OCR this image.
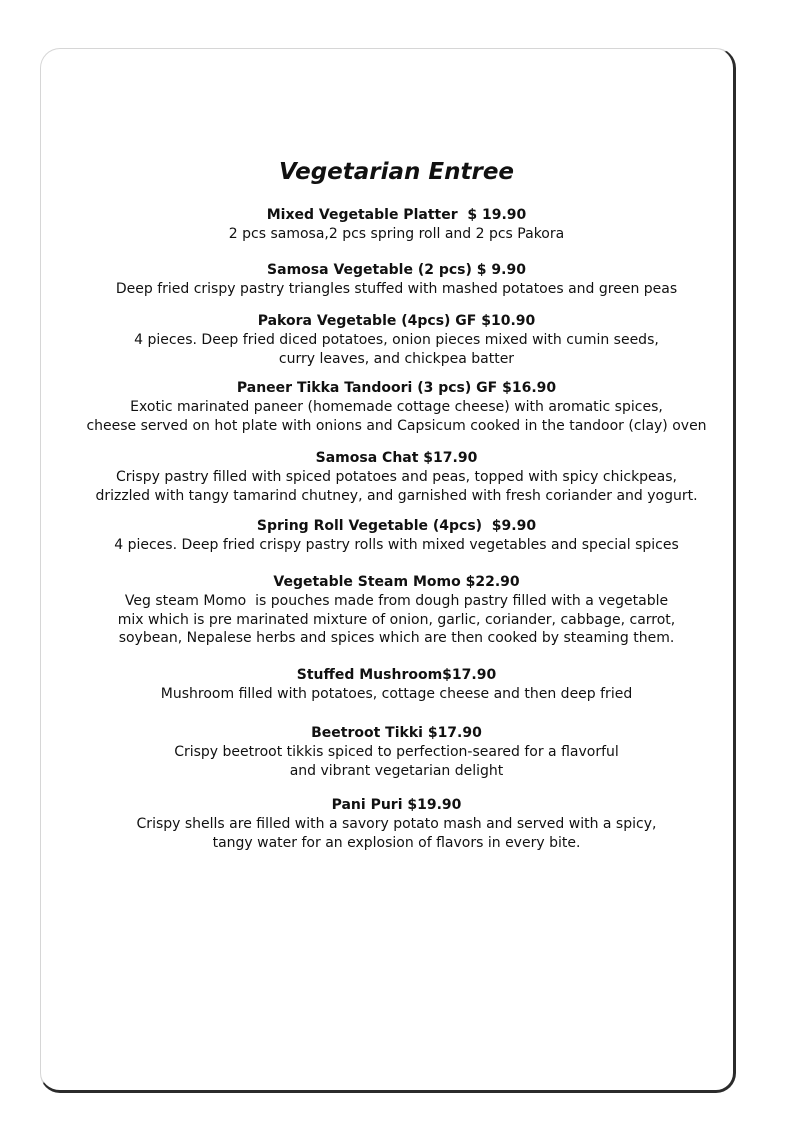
Vegetarian Entree
Mixed Vegetable Platter  $ 19.90
2 pcs samosa,2 pcs spring roll and 2 pcs Pakora
Samosa Vegetable (2 pcs) $ 9.90
Deep fried crispy pastry triangles stuffed with mashed potatoes and green peas
Pakora Vegetable (4pcs) GF $10.90
4 pieces. Deep fried diced potatoes, onion pieces mixed with cumin seeds,
curry leaves, and chickpea batter
Paneer Tikka Tandoori (3 pcs) GF $16.90
Exotic marinated paneer (homemade cottage cheese) with aromatic spices,
cheese served on hot plate with onions and Capsicum cooked in the tandoor (clay) oven
Samosa Chat $17.90
Crispy pastry filled with spiced potatoes and peas, topped with spicy chickpeas,
drizzled with tangy tamarind chutney, and garnished with fresh coriander and yogurt.
Spring Roll Vegetable (4pcs)  $9.90
4 pieces. Deep fried crispy pastry rolls with mixed vegetables and special spices
Vegetable Steam Momo $22.90
Veg steam Momo  is pouches made from dough pastry filled with a vegetable
mix which is pre marinated mixture of onion, garlic, coriander, cabbage, carrot,
soybean, Nepalese herbs and spices which are then cooked by steaming them.
Stuffed Mushroom$17.90
Mushroom filled with potatoes, cottage cheese and then deep fried
Beetroot Tikki $17.90
Crispy beetroot tikkis spiced to perfection-seared for a flavorful
and vibrant vegetarian delight
Pani Puri $19.90
Crispy shells are filled with a savory potato mash and served with a spicy,
tangy water for an explosion of flavors in every bite.
